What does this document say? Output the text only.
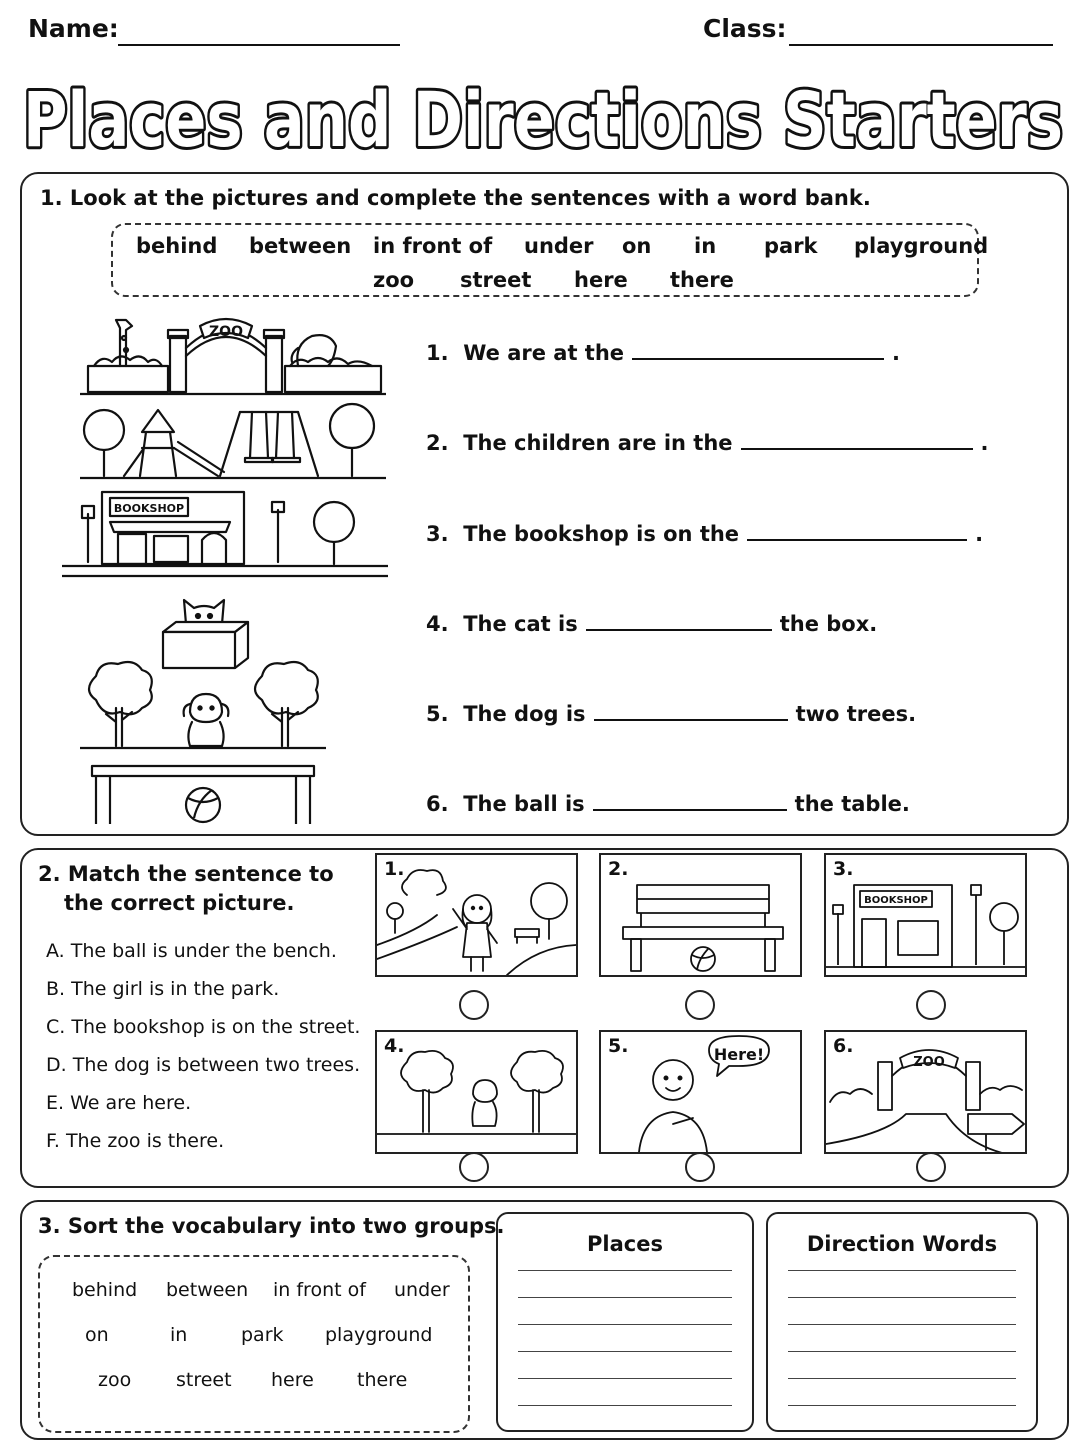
Name:	Class:
Places and Directions Starters
1. Look at the pictures and complete the sentences with a word bank.
behind between in front of under on in park playground
zoo street here there
ZOO
BOOKSHOP
1.
We are at the	.
2.
The children are in the	.
3.
The bookshop is on the	.
4.
The cat is	the box.
5.
The dog is	two trees.
6.
The ball is	the table.
2. Match the sentence to
the correct picture.
A. The ball is under the bench.
B. The girl is in the park.
C. The bookshop is on the street.
D. The dog is between two trees.
E. We are here.
F. The zoo is there.
1.	2.	3.
BOOKSHOP
4.	5.	Here!	6.
ZOO
3. Sort the vocabulary into two groups.
behind between in front of under
on	in	park playground
zoo street here there
Places	Direction Words
